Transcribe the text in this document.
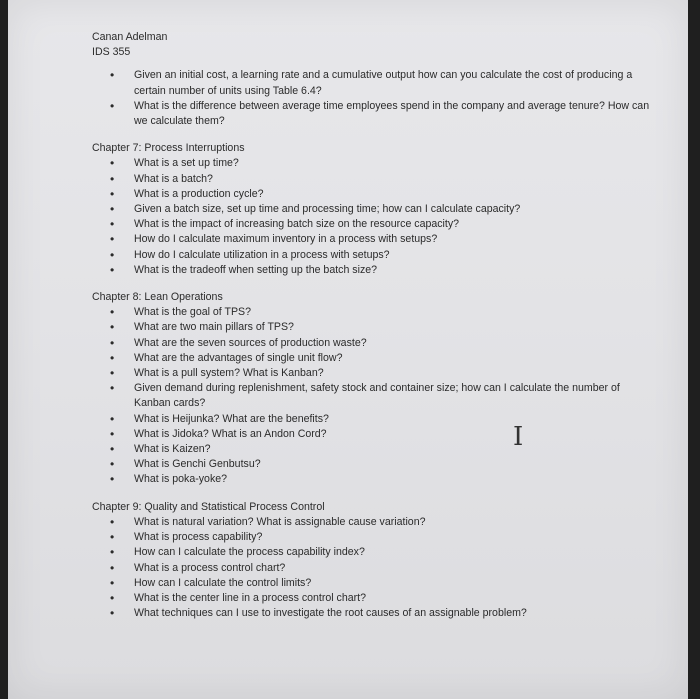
Canan Adelman

IDS 355

• Given an initial cost, a learning rate and a cumulative output how can you calculate the cost of producing a certain number of units using Table 6.4?
• What is the difference between average time employees spend in the company and average tenure? How can we calculate them?

Chapter 7: Process Interruptions

• What is a set up time?
• What is a batch?
• What is a production cycle?
• Given a batch size, set up time and processing time; how can I calculate capacity?
• What is the impact of increasing batch size on the resource capacity?
• How do I calculate maximum inventory in a process with setups?
• How do I calculate utilization in a process with setups?
• What is the tradeoff when setting up the batch size?

Chapter 8: Lean Operations

• What is the goal of TPS?
• What are two main pillars of TPS?
• What are the seven sources of production waste?
• What are the advantages of single unit flow?
• What is a pull system? What is Kanban?
• Given demand during replenishment, safety stock and container size; how can I calculate the number of Kanban cards?
• What is Heijunka? What are the benefits?
• What is Jidoka? What is an Andon Cord?
• What is Kaizen?
• What is Genchi Genbutsu?
• What is poka-yoke?

Chapter 9: Quality and Statistical Process Control

• What is natural variation? What is assignable cause variation?
• What is process capability?
• How can I calculate the process capability index?
• What is a process control chart?
• How can I calculate the control limits?
• What is the center line in a process control chart?
• What techniques can I use to investigate the root causes of an assignable problem?
I
